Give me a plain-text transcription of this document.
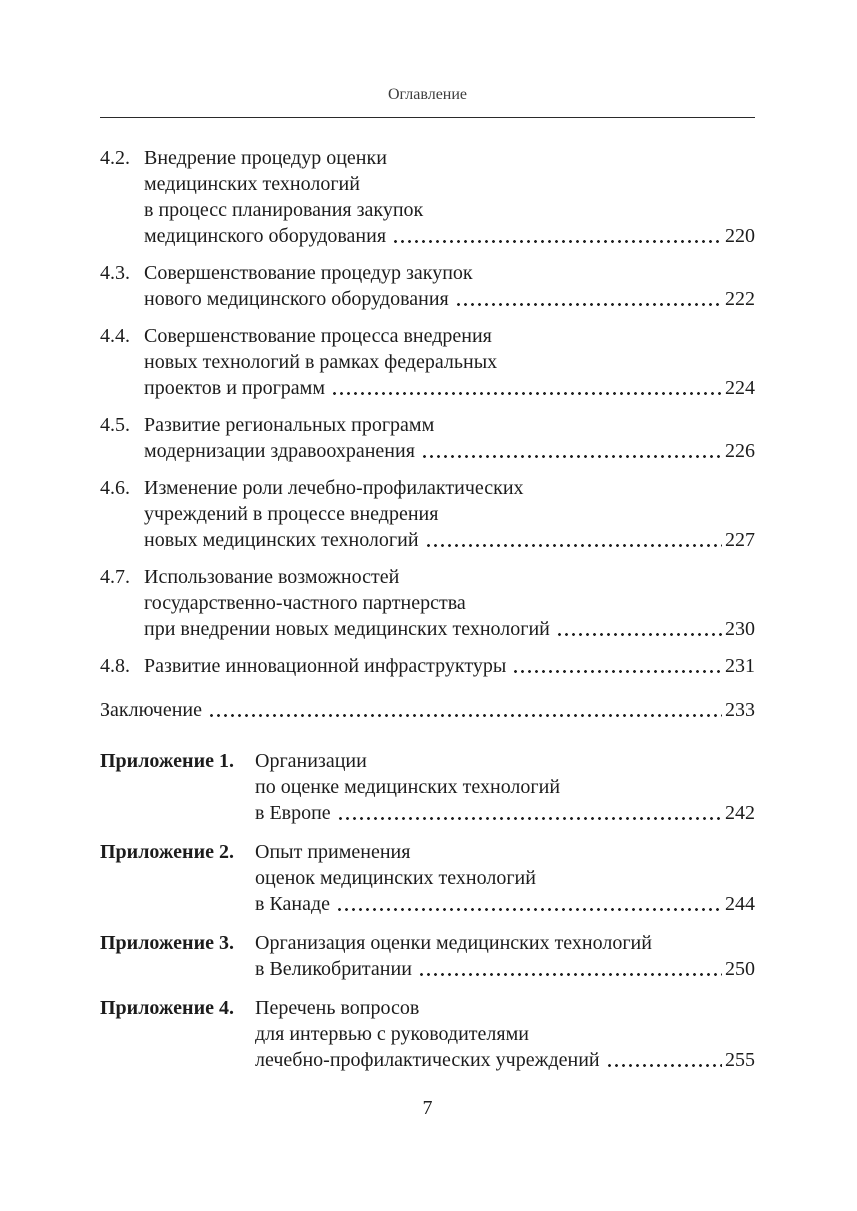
Оглавление
4.2. Внедрение процедур оценки
медицинских технологий
в процесс планирования закупок
медицинского оборудования	220
4.3. Совершенствование процедур закупок
нового медицинского оборудования	222
4.4. Совершенствование процесса внедрения
новых технологий в рамках федеральных
проектов и программ	224
4.5. Развитие региональных программ
модернизации здравоохранения	226
4.6. Изменение роли лечебно-профилактических
учреждений в процессе внедрения
новых медицинских технологий	227
4.7. Использование возможностей
государственно-частного партнерства
при внедрении новых медицинских технологий	230
4.8. Развитие инновационной инфраструктуры	231
Заключение	233
Приложение 1.	Организации
по оценке медицинских технологий
в Европе	242
Приложение 2.	Опыт применения
оценок медицинских технологий
в Канаде	244
Приложение 3.	Организация оценки медицинских технологий
в Великобритании	250
Приложение 4.	Перечень вопросов
для интервью с руководителями
лечебно-профилактических учреждений	255
7
